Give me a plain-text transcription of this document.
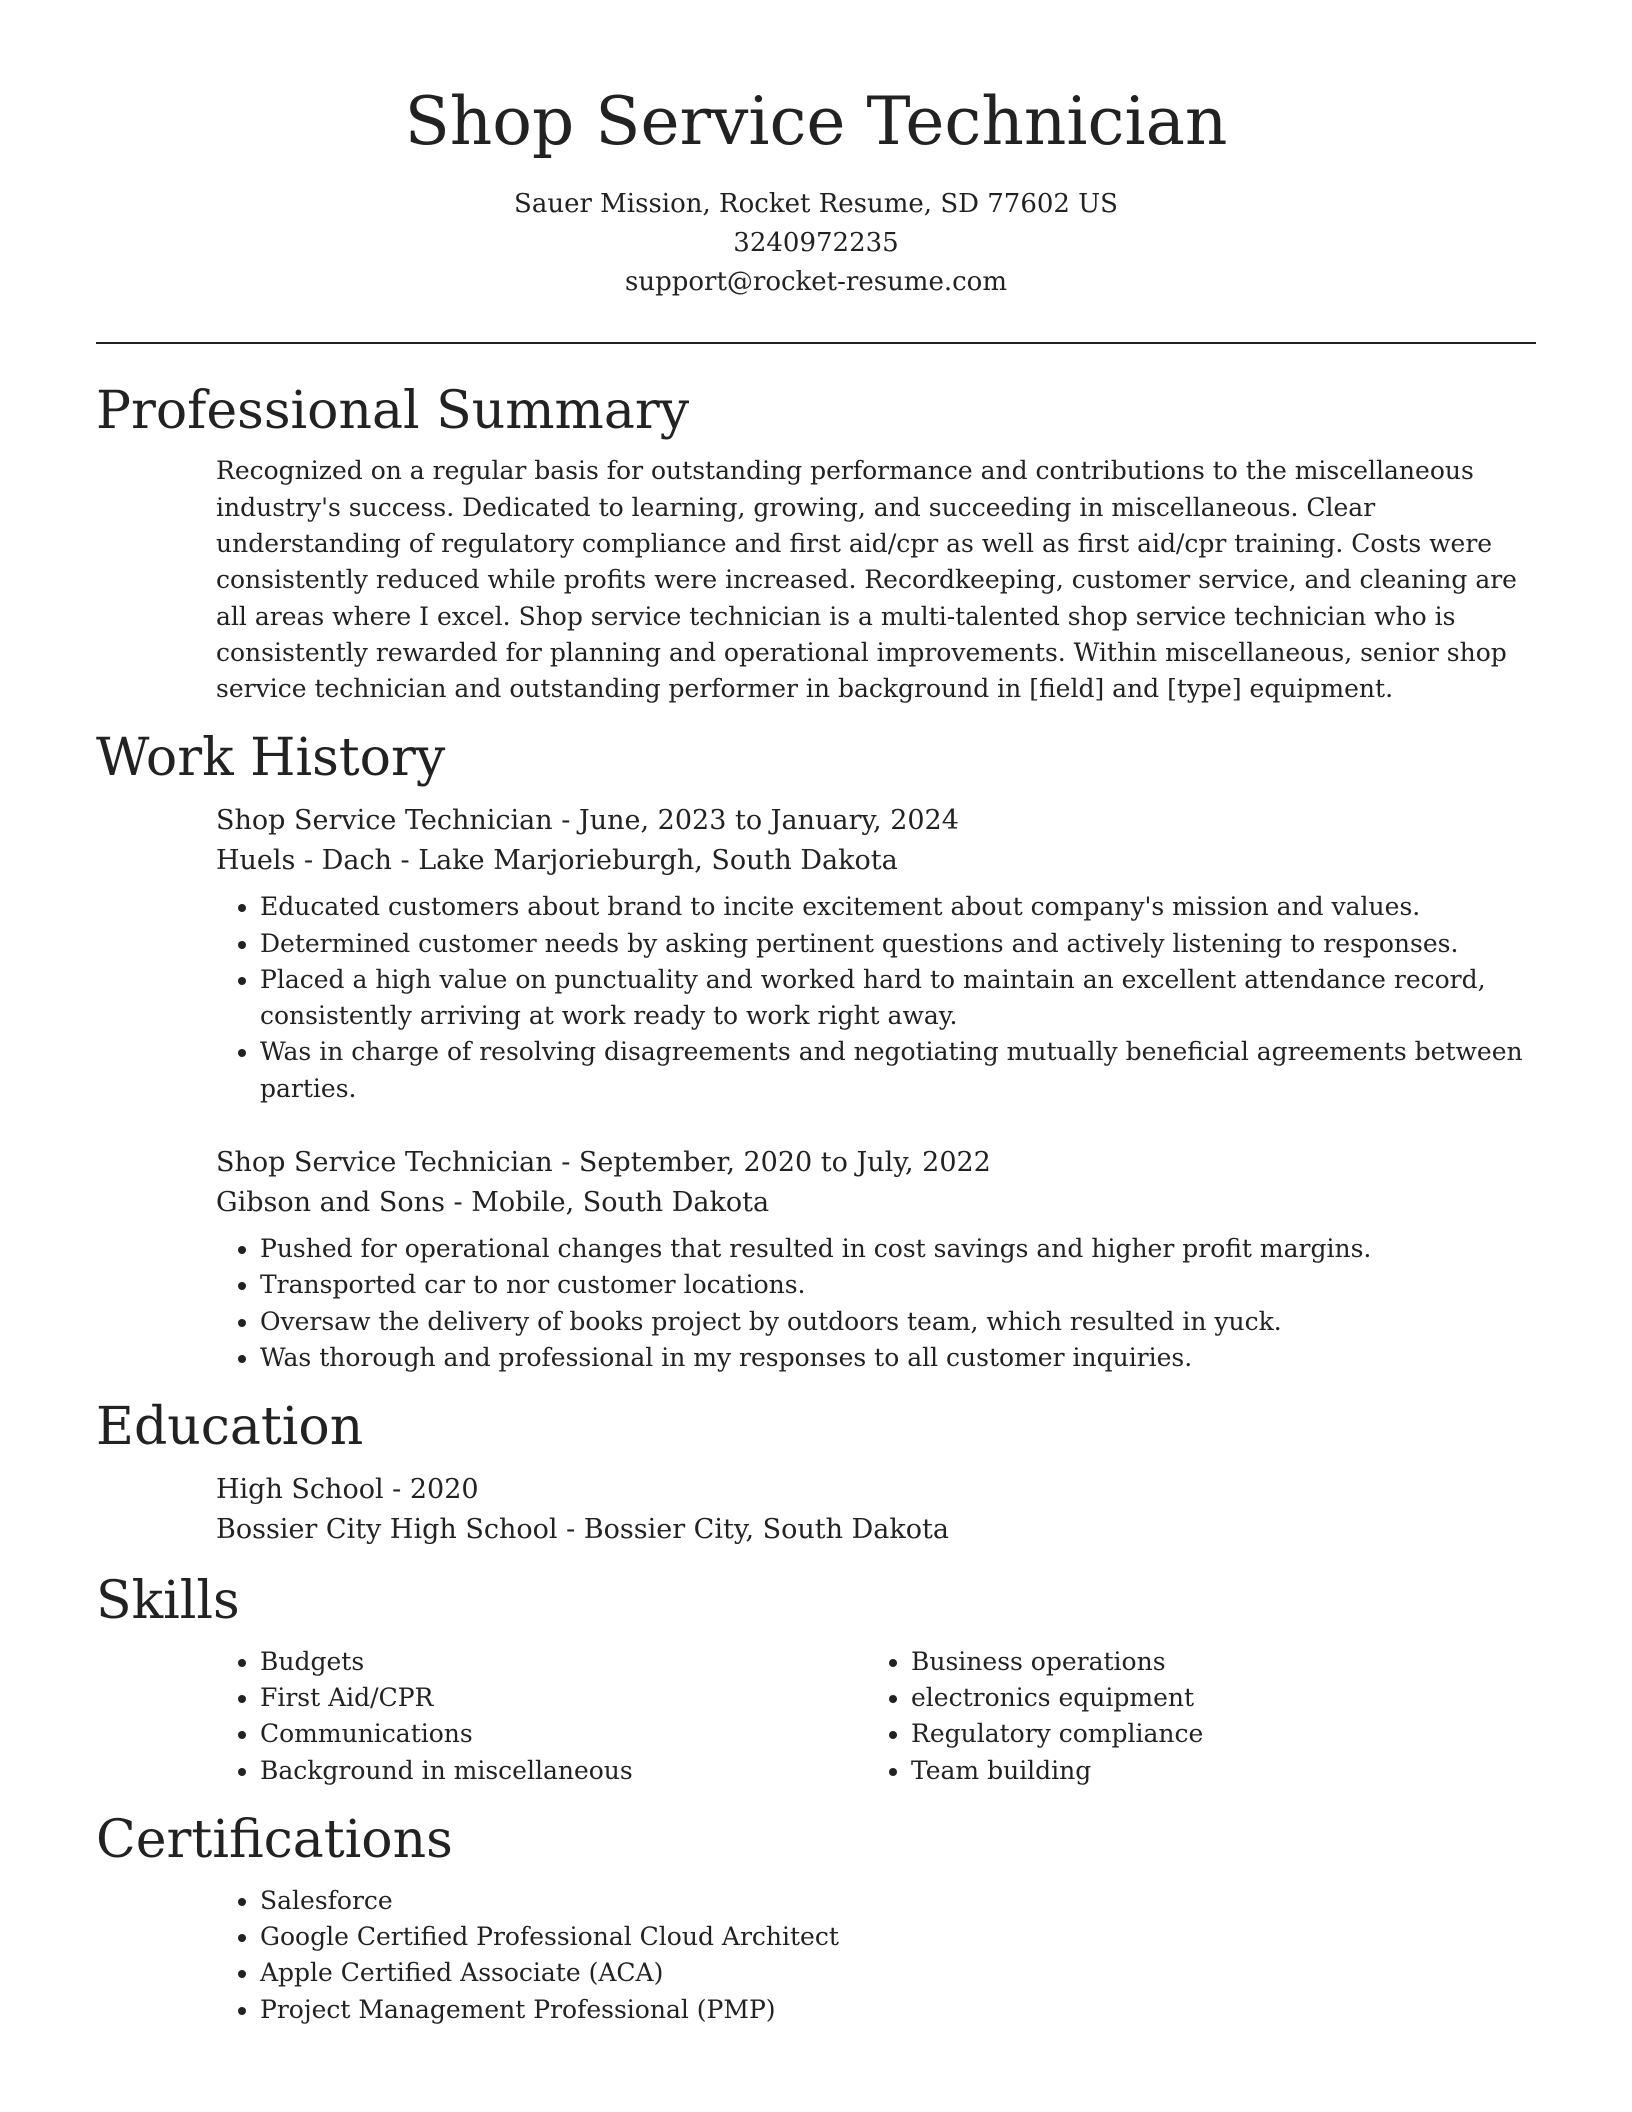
Shop Service Technician
Sauer Mission, Rocket Resume, SD 77602 US
3240972235
support@rocket-resume.com
Professional Summary

Recognized on a regular basis for outstanding performance and contributions to the miscellaneous industry's success. Dedicated to learning, growing, and succeeding in miscellaneous. Clear understanding of regulatory compliance and first aid/cpr as well as first aid/cpr training. Costs were consistently reduced while profits were increased. Recordkeeping, customer service, and cleaning are all areas where I excel. Shop service technician is a multi-talented shop service technician who is consistently rewarded for planning and operational improvements. Within miscellaneous, senior shop service technician and outstanding performer in background in [field] and [type] equipment.

Work History
Shop Service Technician - June, 2023 to January, 2024
Huels - Dach - Lake Marjorieburgh, South Dakota
• Educated customers about brand to incite excitement about company's mission and values.
• Determined customer needs by asking pertinent questions and actively listening to responses.
• Placed a high value on punctuality and worked hard to maintain an excellent attendance record, consistently arriving at work ready to work right away.
• Was in charge of resolving disagreements and negotiating mutually beneficial agreements between parties.
Shop Service Technician - September, 2020 to July, 2022
Gibson and Sons - Mobile, South Dakota
• Pushed for operational changes that resulted in cost savings and higher profit margins.
• Transported car to nor customer locations.
• Oversaw the delivery of books project by outdoors team, which resulted in yuck.
• Was thorough and professional in my responses to all customer inquiries.
Education
High School - 2020
Bossier City High School - Bossier City, South Dakota
Skills
• Budgets
• First Aid/CPR
• Communications
• Background in miscellaneous
• Business operations
• electronics equipment
• Regulatory compliance
• Team building
Certifications
• Salesforce
• Google Certified Professional Cloud Architect
• Apple Certified Associate (ACA)
• Project Management Professional (PMP)
